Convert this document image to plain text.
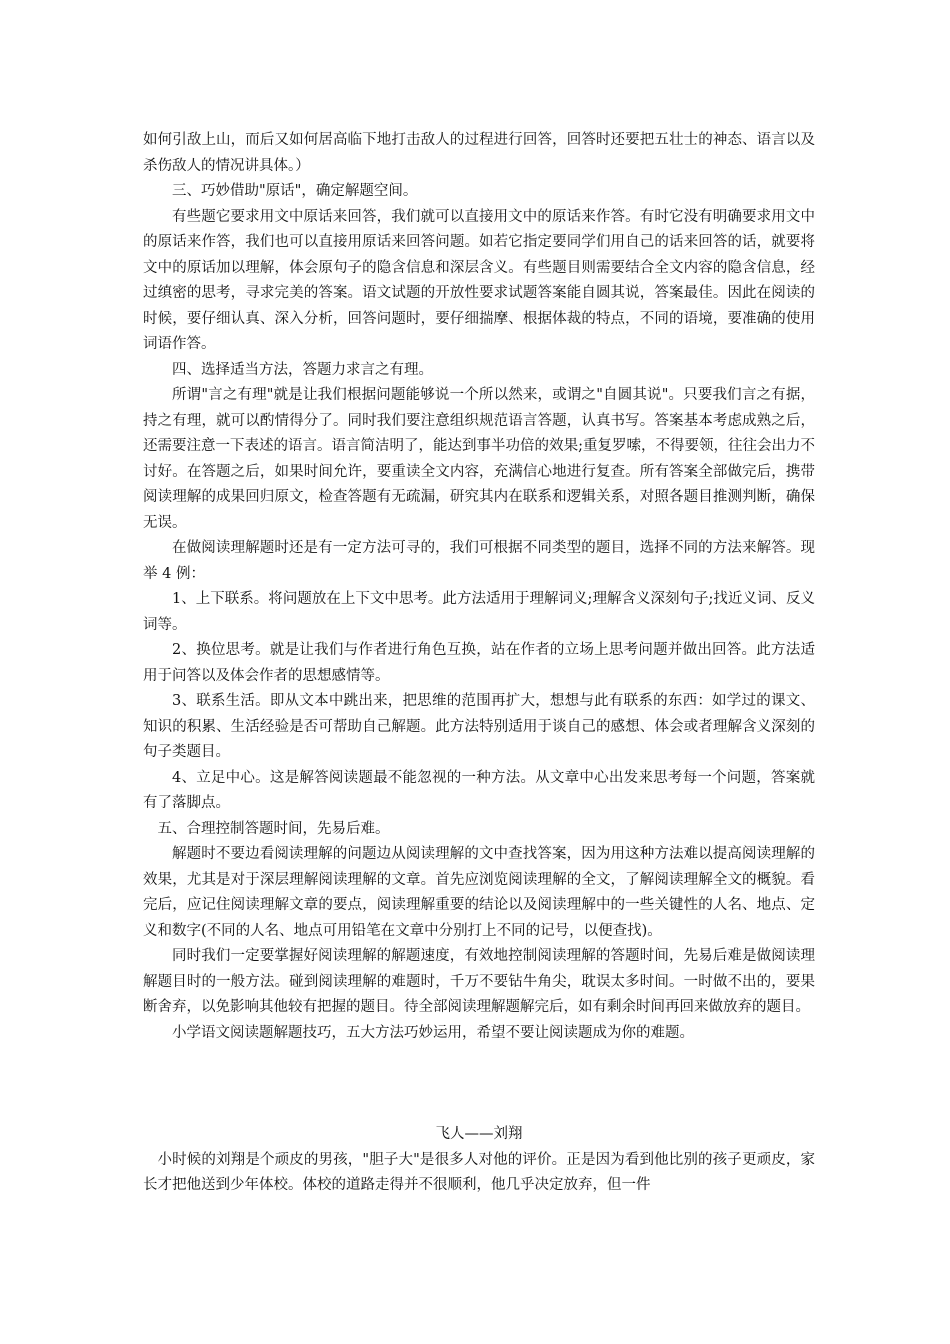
如何引敌上山，而后又如何居高临下地打击敌人的过程进行回答，回答时还要把五壮士的神态、语言以及杀伤敌人的情况讲具体。）

三、巧妙借助"原话"，确定解题空间。

有些题它要求用文中原话来回答，我们就可以直接用文中的原话来作答。有时它没有明确要求用文中的原话来作答，我们也可以直接用原话来回答问题。如若它指定要同学们用自己的话来回答的话，就要将文中的原话加以理解，体会原句子的隐含信息和深层含义。有些题目则需要结合全文内容的隐含信息，经过缜密的思考，寻求完美的答案。语文试题的开放性要求试题答案能自圆其说，答案最佳。因此在阅读的时候，要仔细认真、深入分析，回答问题时，要仔细揣摩、根据体裁的特点，不同的语境，要准确的使用词语作答。

四、选择适当方法，答题力求言之有理。

所谓"言之有理"就是让我们根据问题能够说一个所以然来，或谓之"自圆其说"。只要我们言之有据，持之有理，就可以酌情得分了。同时我们要注意组织规范语言答题，认真书写。答案基本考虑成熟之后，还需要注意一下表述的语言。语言简洁明了，能达到事半功倍的效果;重复罗嗦，不得要领，往往会出力不讨好。在答题之后，如果时间允许，要重读全文内容，充满信心地进行复查。所有答案全部做完后，携带阅读理解的成果回归原文，检查答题有无疏漏，研究其内在联系和逻辑关系，对照各题目推测判断，确保无误。

在做阅读理解题时还是有一定方法可寻的，我们可根据不同类型的题目，选择不同的方法来解答。现举 4 例：

1、上下联系。将问题放在上下文中思考。此方法适用于理解词义;理解含义深刻句子;找近义词、反义词等。

2、换位思考。就是让我们与作者进行角色互换，站在作者的立场上思考问题并做出回答。此方法适用于问答以及体会作者的思想感情等。

3、联系生活。即从文本中跳出来，把思维的范围再扩大，想想与此有联系的东西：如学过的课文、知识的积累、生活经验是否可帮助自己解题。此方法特别适用于谈自己的感想、体会或者理解含义深刻的句子类题目。

4、立足中心。这是解答阅读题最不能忽视的一种方法。从文章中心出发来思考每一个问题，答案就有了落脚点。

五、合理控制答题时间，先易后难。

解题时不要边看阅读理解的问题边从阅读理解的文中查找答案，因为用这种方法难以提高阅读理解的效果，尤其是对于深层理解阅读理解的文章。首先应浏览阅读理解的全文，了解阅读理解全文的概貌。看完后，应记住阅读理解文章的要点，阅读理解重要的结论以及阅读理解中的一些关键性的人名、地点、定义和数字(不同的人名、地点可用铅笔在文章中分别打上不同的记号，以便查找)。

同时我们一定要掌握好阅读理解的解题速度，有效地控制阅读理解的答题时间，先易后难是做阅读理解题目时的一般方法。碰到阅读理解的难题时，千万不要钻牛角尖，耽误太多时间。一时做不出的，要果断舍弃，以免影响其他较有把握的题目。待全部阅读理解题解完后，如有剩余时间再回来做放弃的题目。

小学语文阅读题解题技巧，五大方法巧妙运用，希望不要让阅读题成为你的难题。

飞人——刘翔

小时候的刘翔是个顽皮的男孩，"胆子大"是很多人对他的评价。正是因为看到他比别的孩子更顽皮，家长才把他送到少年体校。体校的道路走得并不很顺利，他几乎决定放弃，但一件
